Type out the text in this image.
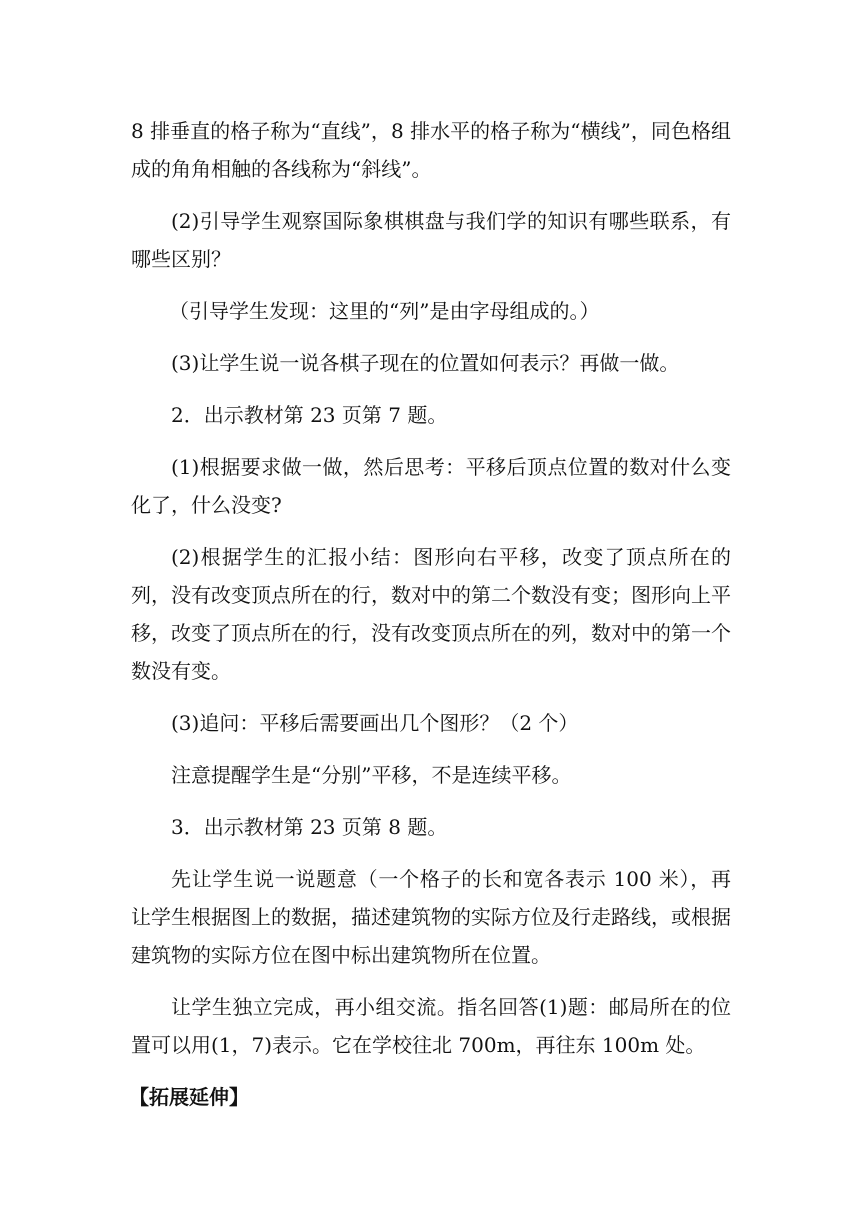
8 排垂直的格子称为“直线”，8 排水平的格子称为“横线”，同色格组成的角角相触的各线称为“斜线”。

(2)引导学生观察国际象棋棋盘与我们学的知识有哪些联系，有哪些区别？

（引导学生发现：这里的“列”是由字母组成的。）

(3)让学生说一说各棋子现在的位置如何表示？再做一做。

2．出示教材第 23 页第 7 题。

(1)根据要求做一做，然后思考：平移后顶点位置的数对什么变化了，什么没变?

(2)根据学生的汇报小结：图形向右平移，改变了顶点所在的列，没有改变顶点所在的行，数对中的第二个数没有变；图形向上平移，改变了顶点所在的行，没有改变顶点所在的列，数对中的第一个数没有变。

(3)追问：平移后需要画出几个图形？（2 个）

注意提醒学生是“分别”平移，不是连续平移。

3．出示教材第 23 页第 8 题。

先让学生说一说题意（一个格子的长和宽各表示 100 米），再让学生根据图上的数据，描述建筑物的实际方位及行走路线，或根据建筑物的实际方位在图中标出建筑物所在位置。

让学生独立完成，再小组交流。指名回答(1)题：邮局所在的位置可以用(1，7)表示。它在学校往北 700m，再往东 100m 处。

【拓展延伸】
